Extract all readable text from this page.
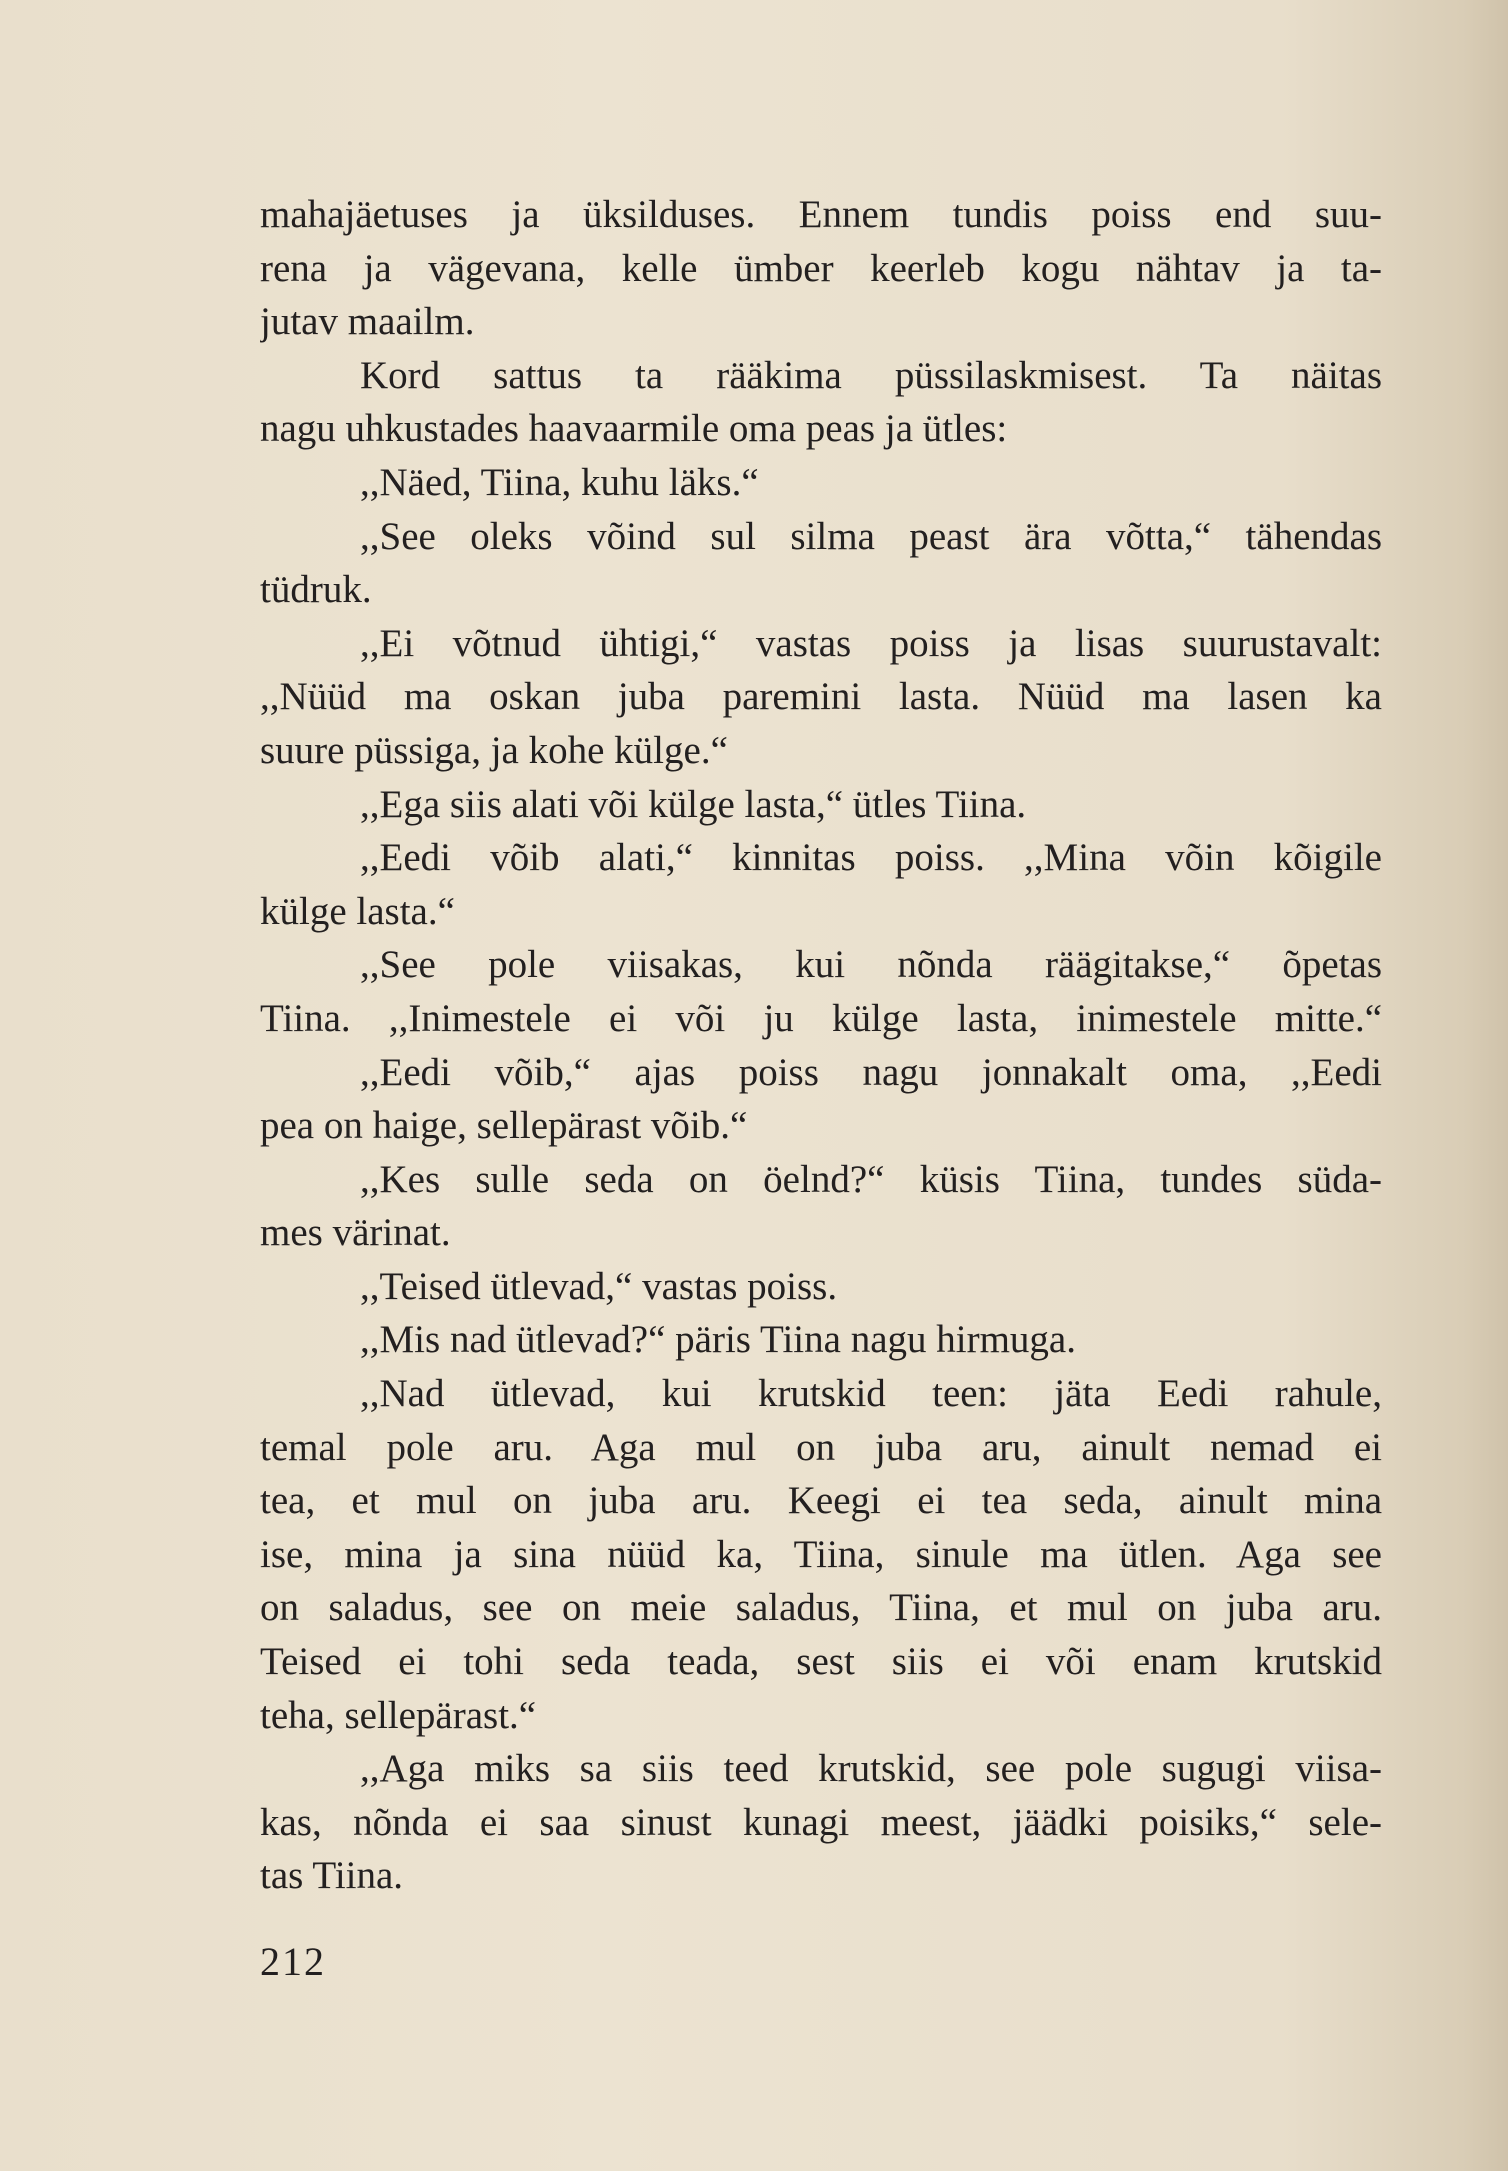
mahajäetuses ja üksilduses. Ennem tundis poiss end suu-
rena ja vägevana, kelle ümber keerleb kogu nähtav ja ta-
jutav maailm.
Kord sattus ta rääkima püssilaskmisest. Ta näitas
nagu uhkustades haavaarmile oma peas ja ütles:
,,Näed, Tiina, kuhu läks.“
,,See oleks võind sul silma peast ära võtta,“ tähendas
tüdruk.
,,Ei võtnud ühtigi,“ vastas poiss ja lisas suurustavalt:
,,Nüüd ma oskan juba paremini lasta. Nüüd ma lasen ka
suure püssiga, ja kohe külge.“
,,Ega siis alati või külge lasta,“ ütles Tiina.
,,Eedi võib alati,“ kinnitas poiss. ,,Mina võin kõigile
külge lasta.“
,,See pole viisakas, kui nõnda räägitakse,“ õpetas
Tiina. ,,Inimestele ei või ju külge lasta, inimestele mitte.“
,,Eedi võib,“ ajas poiss nagu jonnakalt oma, ,,Eedi
pea on haige, sellepärast võib.“
,,Kes sulle seda on öelnd?“ küsis Tiina, tundes süda-
mes värinat.
,,Teised ütlevad,“ vastas poiss.
,,Mis nad ütlevad?“ päris Tiina nagu hirmuga.
,,Nad ütlevad, kui krutskid teen: jäta Eedi rahule,
temal pole aru. Aga mul on juba aru, ainult nemad ei
tea, et mul on juba aru. Keegi ei tea seda, ainult mina
ise, mina ja sina nüüd ka, Tiina, sinule ma ütlen. Aga see
on saladus, see on meie saladus, Tiina, et mul on juba aru.
Teised ei tohi seda teada, sest siis ei või enam krutskid
teha, sellepärast.“
,,Aga miks sa siis teed krutskid, see pole sugugi viisa-
kas, nõnda ei saa sinust kunagi meest, jäädki poisiks,“ sele-
tas Tiina.
212
